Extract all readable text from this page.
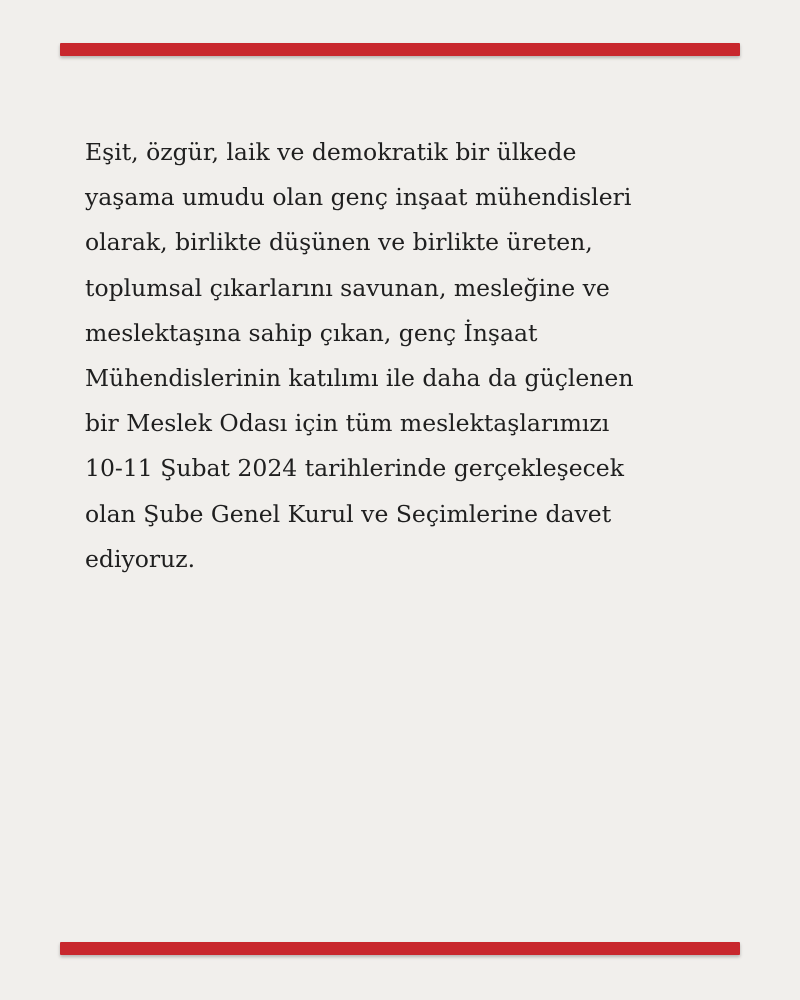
Eşit, özgür, laik ve demokratik bir ülkede
yaşama umudu olan genç inşaat mühendisleri
olarak, birlikte düşünen ve birlikte üreten,
toplumsal çıkarlarını savunan, mesleğine ve
meslektaşına sahip çıkan, genç İnşaat
Mühendislerinin katılımı ile daha da güçlenen
bir Meslek Odası için tüm meslektaşlarımızı
10-11 Şubat 2024 tarihlerinde gerçekleşecek
olan Şube Genel Kurul ve Seçimlerine davet
ediyoruz.
